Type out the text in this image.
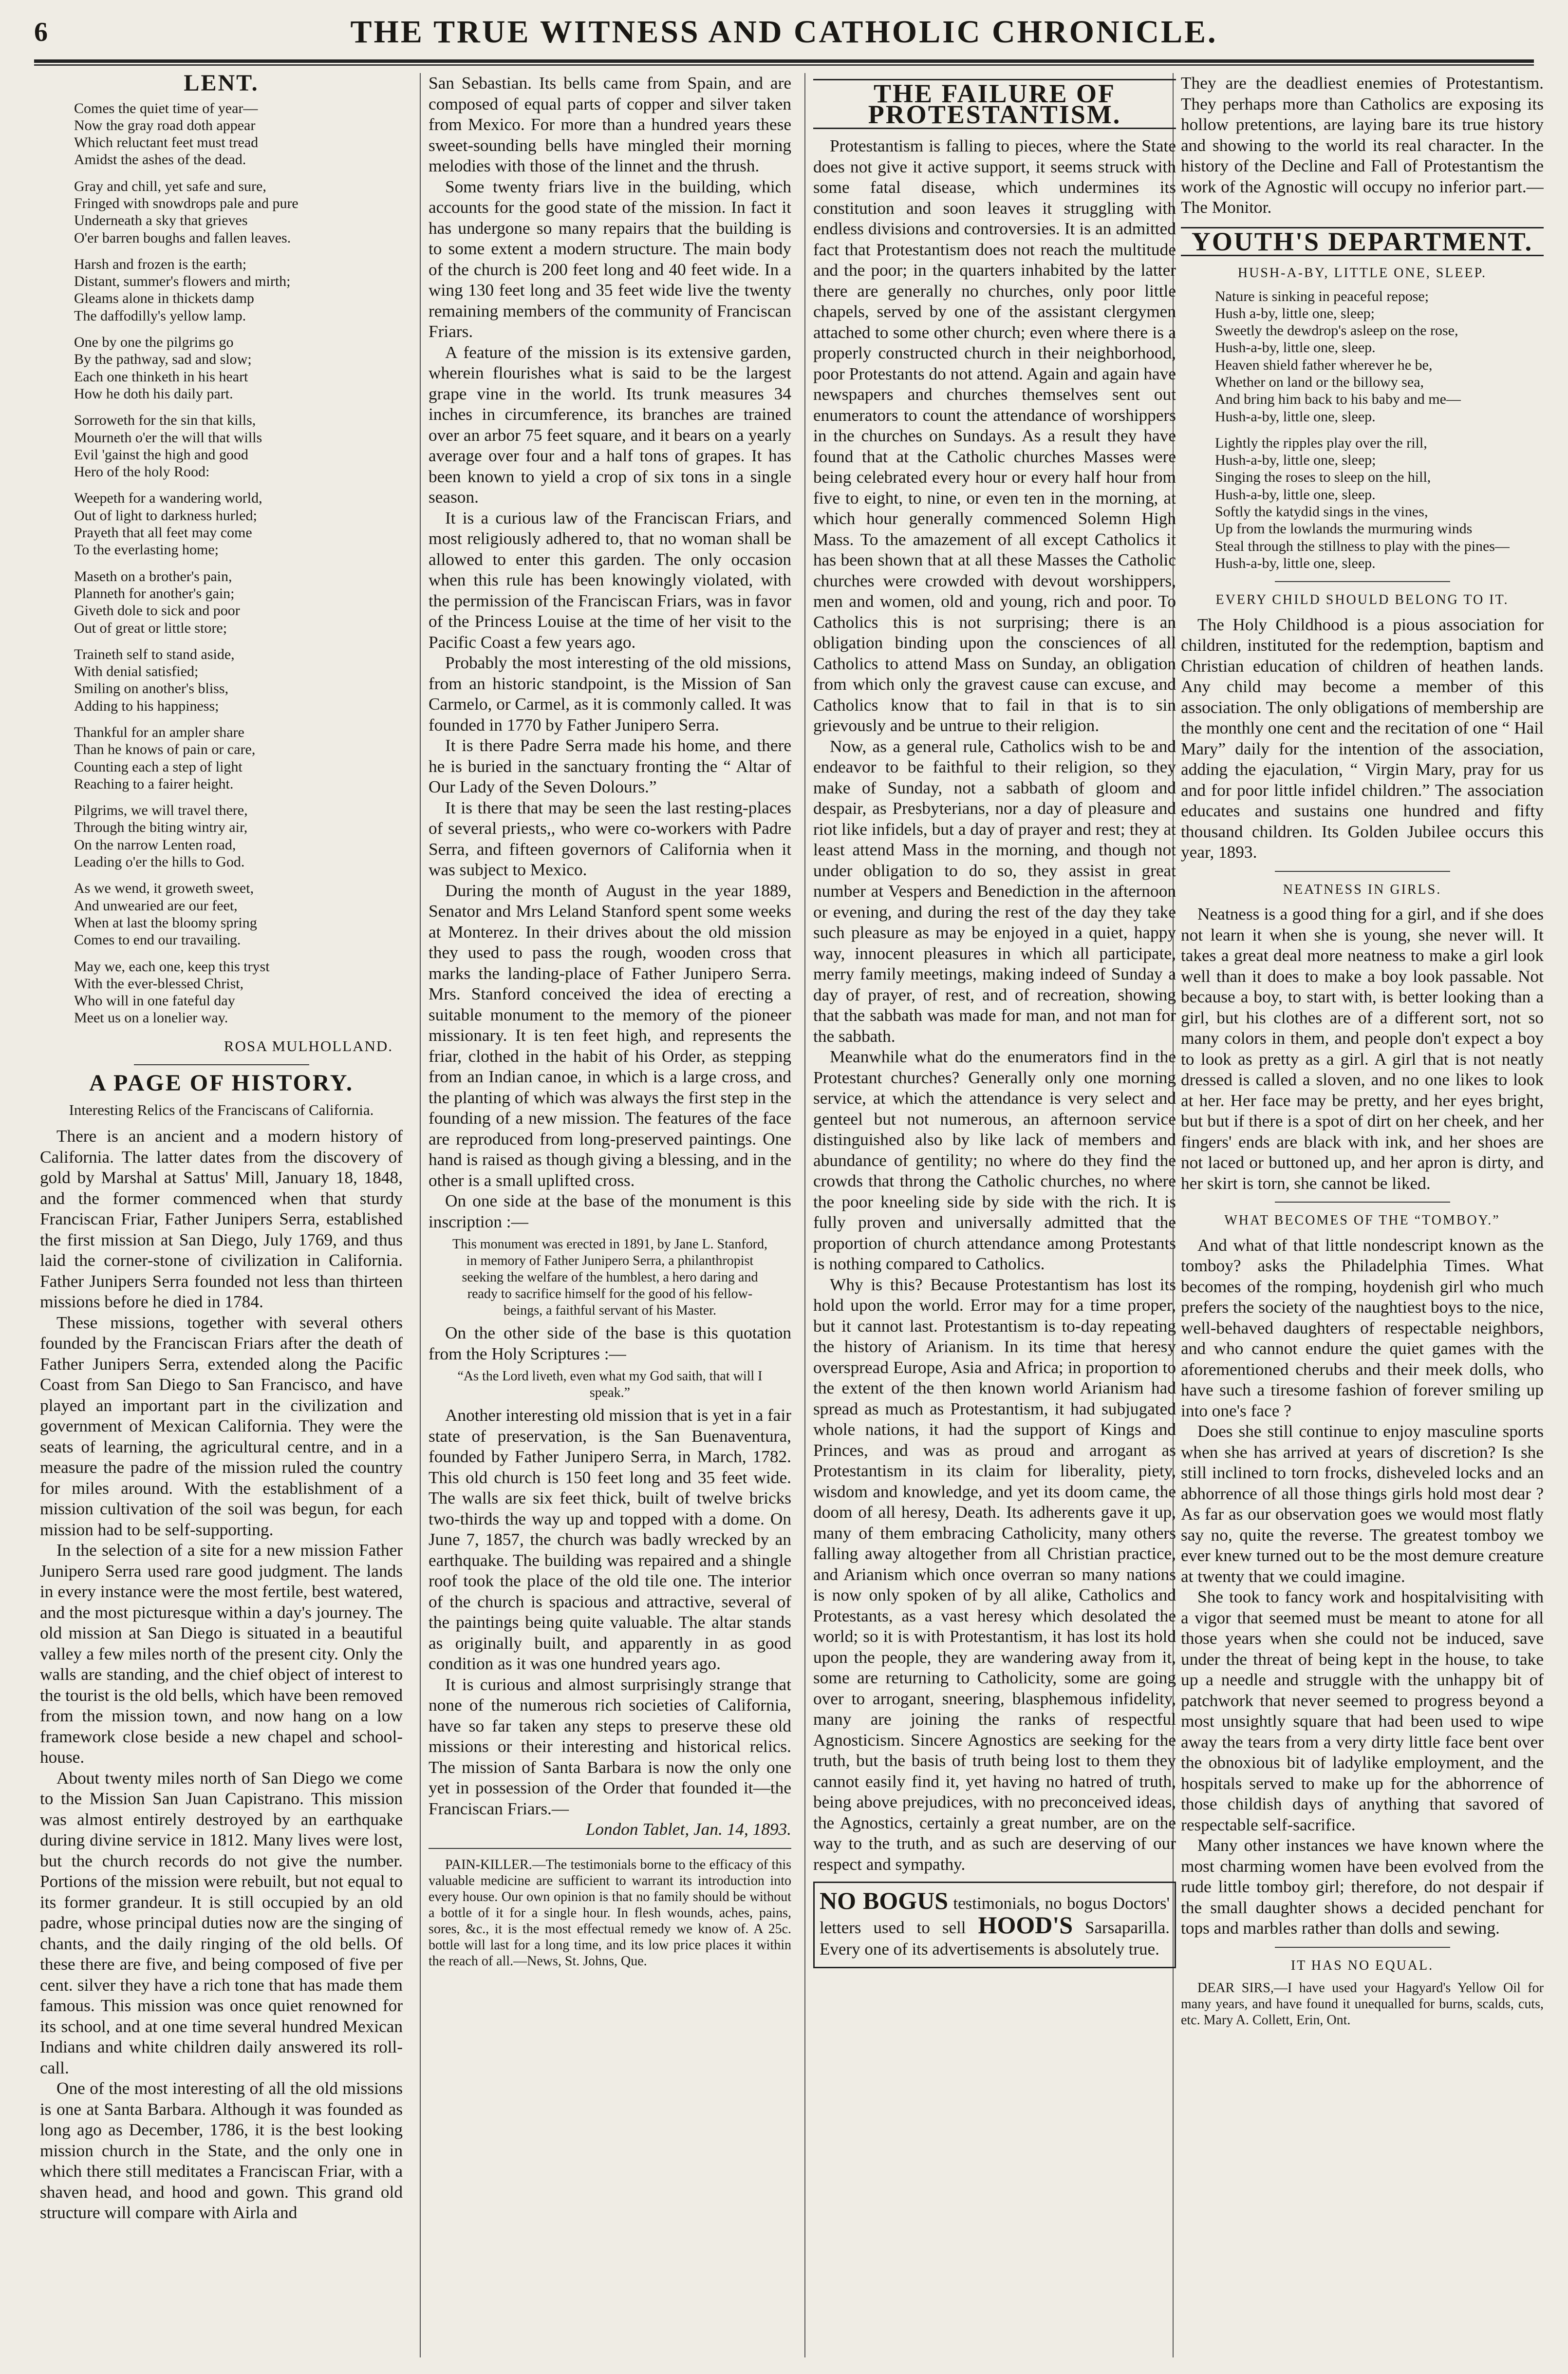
6	THE TRUE WITNESS AND CATHOLIC CHRONICLE.
LENT.
Comes the quiet time of year—
Now the gray road doth appear
Which reluctant feet must tread
Amidst the ashes of the dead.
Gray and chill, yet safe and sure,
Fringed with snowdrops pale and pure
Underneath a sky that grieves
O'er barren boughs and fallen leaves.
Harsh and frozen is the earth;
Distant, summer's flowers and mirth;
Gleams alone in thickets damp
The daffodilly's yellow lamp.
One by one the pilgrims go
By the pathway, sad and slow;
Each one thinketh in his heart
How he doth his daily part.
Sorroweth for the sin that kills,
Mourneth o'er the will that wills
Evil 'gainst the high and good
Hero of the holy Rood:
Weepeth for a wandering world,
Out of light to darkness hurled;
Prayeth that all feet may come
To the everlasting home;
Maseth on a brother's pain,
Planneth for another's gain;
Giveth dole to sick and poor
Out of great or little store;
Traineth self to stand aside,
With denial satisfied;
Smiling on another's bliss,
Adding to his happiness;
Thankful for an ampler share
Than he knows of pain or care,
Counting each a step of light
Reaching to a fairer height.
Pilgrims, we will travel there,
Through the biting wintry air,
On the narrow Lenten road,
Leading o'er the hills to God.
As we wend, it groweth sweet,
And unwearied are our feet,
When at last the bloomy spring
Comes to end our travailing.
May we, each one, keep this tryst
With the ever-blessed Christ,
Who will in one fateful day
Meet us on a lonelier way.
ROSA MULHOLLAND.
A PAGE OF HISTORY.
Interesting Relics of the Franciscans of California.

There is an ancient and a modern history of California. The latter dates from the discovery of gold by Marshal at Sattus' Mill, January 18, 1848, and the former commenced when that sturdy Franciscan Friar, Father Junipers Serra, established the first mission at San Diego, July 1769, and thus laid the corner-stone of civilization in California. Father Junipers Serra founded not less than thirteen missions before he died in 1784.

These missions, together with several others founded by the Franciscan Friars after the death of Father Junipers Serra, extended along the Pacific Coast from San Diego to San Francisco, and have played an important part in the civilization and government of Mexican California. They were the seats of learning, the agricultural centre, and in a measure the padre of the mission ruled the country for miles around. With the establishment of a mission cultivation of the soil was begun, for each mission had to be self-supporting.

In the selection of a site for a new mission Father Junipero Serra used rare good judgment. The lands in every instance were the most fertile, best watered, and the most picturesque within a day's journey. The old mission at San Diego is situated in a beautiful valley a few miles north of the present city. Only the walls are standing, and the chief object of interest to the tourist is the old bells, which have been removed from the mission town, and now hang on a low framework close beside a new chapel and school-house.

About twenty miles north of San Diego we come to the Mission San Juan Capistrano. This mission was almost entirely destroyed by an earthquake during divine service in 1812. Many lives were lost, but the church records do not give the number. Portions of the mission were rebuilt, but not equal to its former grandeur. It is still occupied by an old padre, whose principal duties now are the singing of chants, and the daily ringing of the old bells. Of these there are five, and being composed of five per cent. silver they have a rich tone that has made them famous. This mission was once quiet renowned for its school, and at one time several hundred Mexican Indians and white children daily answered its roll-call.

One of the most interesting of all the old missions is one at Santa Barbara. Although it was founded as long ago as December, 1786, it is the best looking mission church in the State, and the only one in which there still meditates a Franciscan Friar, with a shaven head, and hood and gown. This grand old structure will compare with Airla and

San Sebastian. Its bells came from Spain, and are composed of equal parts of copper and silver taken from Mexico. For more than a hundred years these sweet-sounding bells have mingled their morning melodies with those of the linnet and the thrush.

Some twenty friars live in the building, which accounts for the good state of the mission. In fact it has undergone so many repairs that the building is to some extent a modern structure. The main body of the church is 200 feet long and 40 feet wide. In a wing 130 feet long and 35 feet wide live the twenty remaining members of the community of Franciscan Friars.

A feature of the mission is its extensive garden, wherein flourishes what is said to be the largest grape vine in the world. Its trunk measures 34 inches in circumference, its branches are trained over an arbor 75 feet square, and it bears on a yearly average over four and a half tons of grapes. It has been known to yield a crop of six tons in a single season.

It is a curious law of the Franciscan Friars, and most religiously adhered to, that no woman shall be allowed to enter this garden. The only occasion when this rule has been knowingly violated, with the permission of the Franciscan Friars, was in favor of the Princess Louise at the time of her visit to the Pacific Coast a few years ago.

Probably the most interesting of the old missions, from an historic standpoint, is the Mission of San Carmelo, or Carmel, as it is commonly called. It was founded in 1770 by Father Junipero Serra.

It is there Padre Serra made his home, and there he is buried in the sanctuary fronting the “ Altar of Our Lady of the Seven Dolours.”

It is there that may be seen the last resting-places of several priests,, who were co-workers with Padre Serra, and fifteen governors of California when it was subject to Mexico.

During the month of August in the year 1889, Senator and Mrs Leland Stanford spent some weeks at Monterez. In their drives about the old mission they used to pass the rough, wooden cross that marks the landing-place of Father Junipero Serra. Mrs. Stanford conceived the idea of erecting a suitable monument to the memory of the pioneer missionary. It is ten feet high, and represents the friar, clothed in the habit of his Order, as stepping from an Indian canoe, in which is a large cross, and the planting of which was always the first step in the founding of a new mission. The features of the face are reproduced from long-preserved paintings. One hand is raised as though giving a blessing, and in the other is a small uplifted cross.

On one side at the base of the monument is this inscription :—

This monument was erected in 1891, by Jane L. Stanford, in memory of Father Junipero Serra, a philanthropist seeking the welfare of the humblest, a hero daring and ready to sacrifice himself for the good of his fellow-beings, a faithful servant of his Master.

On the other side of the base is this quotation from the Holy Scriptures :—

“As the Lord liveth, even what my God saith, that will I speak.”

Another interesting old mission that is yet in a fair state of preservation, is the San Buenaventura, founded by Father Junipero Serra, in March, 1782. This old church is 150 feet long and 35 feet wide. The walls are six feet thick, built of twelve bricks two-thirds the way up and topped with a dome. On June 7, 1857, the church was badly wrecked by an earthquake. The building was repaired and a shingle roof took the place of the old tile one. The interior of the church is spacious and attractive, several of the paintings being quite valuable. The altar stands as originally built, and apparently in as good condition as it was one hundred years ago.

It is curious and almost surprisingly strange that none of the numerous rich societies of California, have so far taken any steps to preserve these old missions or their interesting and historical relics. The mission of Santa Barbara is now the only one yet in possession of the Order that founded it—the Franciscan Friars.—

London Tablet, Jan. 14, 1893.

PAIN-KILLER.—The testimonials borne to the efficacy of this valuable medicine are sufficient to warrant its introduction into every house. Our own opinion is that no family should be without a bottle of it for a single hour. In flesh wounds, aches, pains, sores, &c., it is the most effectual remedy we know of. A 25c. bottle will last for a long time, and its low price places it within the reach of all.—News, St. Johns, Que.

THE FAILURE OF PROTESTANTISM.

Protestantism is falling to pieces, where the State does not give it active support, it seems struck with some fatal disease, which undermines its constitution and soon leaves it struggling with endless divisions and controversies. It is an admitted fact that Protestantism does not reach the multitude and the poor; in the quarters inhabited by the latter there are generally no churches, only poor little chapels, served by one of the assistant clergymen attached to some other church; even where there is a properly constructed church in their neighborhood, poor Protestants do not attend. Again and again have newspapers and churches themselves sent out enumerators to count the attendance of worshippers in the churches on Sundays. As a result they have found that at the Catholic churches Masses were being celebrated every hour or every half hour from five to eight, to nine, or even ten in the morning, at which hour generally commenced Solemn High Mass. To the amazement of all except Catholics it has been shown that at all these Masses the Catholic churches were crowded with devout worshippers, men and women, old and young, rich and poor. To Catholics this is not surprising; there is an obligation binding upon the consciences of all Catholics to attend Mass on Sunday, an obligation from which only the gravest cause can excuse, and Catholics know that to fail in that is to sin grievously and be untrue to their religion.

Now, as a general rule, Catholics wish to be and endeavor to be faithful to their religion, so they make of Sunday, not a sabbath of gloom and despair, as Presbyterians, nor a day of pleasure and riot like infidels, but a day of prayer and rest; they at least attend Mass in the morning, and though not under obligation to do so, they assist in great number at Vespers and Benediction in the afternoon or evening, and during the rest of the day they take such pleasure as may be enjoyed in a quiet, happy way, innocent pleasures in which all participate, merry family meetings, making indeed of Sunday a day of prayer, of rest, and of recreation, showing that the sabbath was made for man, and not man for the sabbath.

Meanwhile what do the enumerators find in the Protestant churches? Generally only one morning service, at which the attendance is very select and genteel but not numerous, an afternoon service distinguished also by like lack of members and abundance of gentility; no where do they find the crowds that throng the Catholic churches, no where the poor kneeling side by side with the rich. It is fully proven and universally admitted that the proportion of church attendance among Protestants is nothing compared to Catholics.

Why is this? Because Protestantism has lost its hold upon the world. Error may for a time proper, but it cannot last. Protestantism is to-day repeating the history of Arianism. In its time that heresy overspread Europe, Asia and Africa; in proportion to the extent of the then known world Arianism had spread as much as Protestantism, it had subjugated whole nations, it had the support of Kings and Princes, and was as proud and arrogant as Protestantism in its claim for liberality, piety, wisdom and knowledge, and yet its doom came, the doom of all heresy, Death. Its adherents gave it up, many of them embracing Catholicity, many others falling away altogether from all Christian practice, and Arianism which once overran so many nations is now only spoken of by all alike, Catholics and Protestants, as a vast heresy which desolated the world; so it is with Protestantism, it has lost its hold upon the people, they are wandering away from it, some are returning to Catholicity, some are going over to arrogant, sneering, blasphemous infidelity, many are joining the ranks of respectful Agnosticism. Sincere Agnostics are seeking for the truth, but the basis of truth being lost to them they cannot easily find it, yet having no hatred of truth, being above prejudices, with no preconceived ideas, the Agnostics, certainly a great number, are on the way to the truth, and as such are deserving of our respect and sympathy.

NO BOGUS testimonials, no bogus Doctors' letters used to sell HOOD'S Sarsaparilla. Every one of its advertisements is absolutely true.

They are the deadliest enemies of Protestantism. They perhaps more than Catholics are exposing its hollow pretentions, are laying bare its true history and showing to the world its real character. In the history of the Decline and Fall of Protestantism the work of the Agnostic will occupy no inferior part.—The Monitor.

YOUTH'S DEPARTMENT.
HUSH-A-BY, LITTLE ONE, SLEEP.
Nature is sinking in peaceful repose;
Hush a-by, little one, sleep;
Sweetly the dewdrop's asleep on the rose,
Hush-a-by, little one, sleep.
Heaven shield father wherever he be,
Whether on land or the billowy sea,
And bring him back to his baby and me—
Hush-a-by, little one, sleep.
Lightly the ripples play over the rill,
Hush-a-by, little one, sleep;
Singing the roses to sleep on the hill,
Hush-a-by, little one, sleep.
Softly the katydid sings in the vines,
Up from the lowlands the murmuring winds
Steal through the stillness to play with the pines—
Hush-a-by, little one, sleep.
EVERY CHILD SHOULD BELONG TO IT.

The Holy Childhood is a pious association for children, instituted for the redemption, baptism and Christian education of children of heathen lands. Any child may become a member of this association. The only obligations of membership are the monthly one cent and the recitation of one “ Hail Mary” daily for the intention of the association, adding the ejaculation, “ Virgin Mary, pray for us and for poor little infidel children.” The association educates and sustains one hundred and fifty thousand children. Its Golden Jubilee occurs this year, 1893.

NEATNESS IN GIRLS.

Neatness is a good thing for a girl, and if she does not learn it when she is young, she never will. It takes a great deal more neatness to make a girl look well than it does to make a boy look passable. Not because a boy, to start with, is better looking than a girl, but his clothes are of a different sort, not so many colors in them, and people don't expect a boy to look as pretty as a girl. A girl that is not neatly dressed is called a sloven, and no one likes to look at her. Her face may be pretty, and her eyes bright, but but if there is a spot of dirt on her cheek, and her fingers' ends are black with ink, and her shoes are not laced or buttoned up, and her apron is dirty, and her skirt is torn, she cannot be liked.

WHAT BECOMES OF THE “TOMBOY.”

And what of that little nondescript known as the tomboy? asks the Philadelphia Times. What becomes of the romping, hoydenish girl who much prefers the society of the naughtiest boys to the nice, well-behaved daughters of respectable neighbors, and who cannot endure the quiet games with the aforementioned cherubs and their meek dolls, who have such a tiresome fashion of forever smiling up into one's face ?

Does she still continue to enjoy masculine sports when she has arrived at years of discretion? Is she still inclined to torn frocks, disheveled locks and an abhorrence of all those things girls hold most dear ? As far as our observation goes we would most flatly say no, quite the reverse. The greatest tomboy we ever knew turned out to be the most demure creature at twenty that we could imagine.

She took to fancy work and hospitalvisiting with a vigor that seemed must be meant to atone for all those years when she could not be induced, save under the threat of being kept in the house, to take up a needle and struggle with the unhappy bit of patchwork that never seemed to progress beyond a most unsightly square that had been used to wipe away the tears from a very dirty little face bent over the obnoxious bit of ladylike employment, and the hospitals served to make up for the abhorrence of those childish days of anything that savored of respectable self-sacrifice.

Many other instances we have known where the most charming women have been evolved from the rude little tomboy girl; therefore, do not despair if the small daughter shows a decided penchant for tops and marbles rather than dolls and sewing.

IT HAS NO EQUAL.

DEAR SIRS,—I have used your Hagyard's Yellow Oil for many years, and have found it unequalled for burns, scalds, cuts, etc. Mary A. Collett, Erin, Ont.
